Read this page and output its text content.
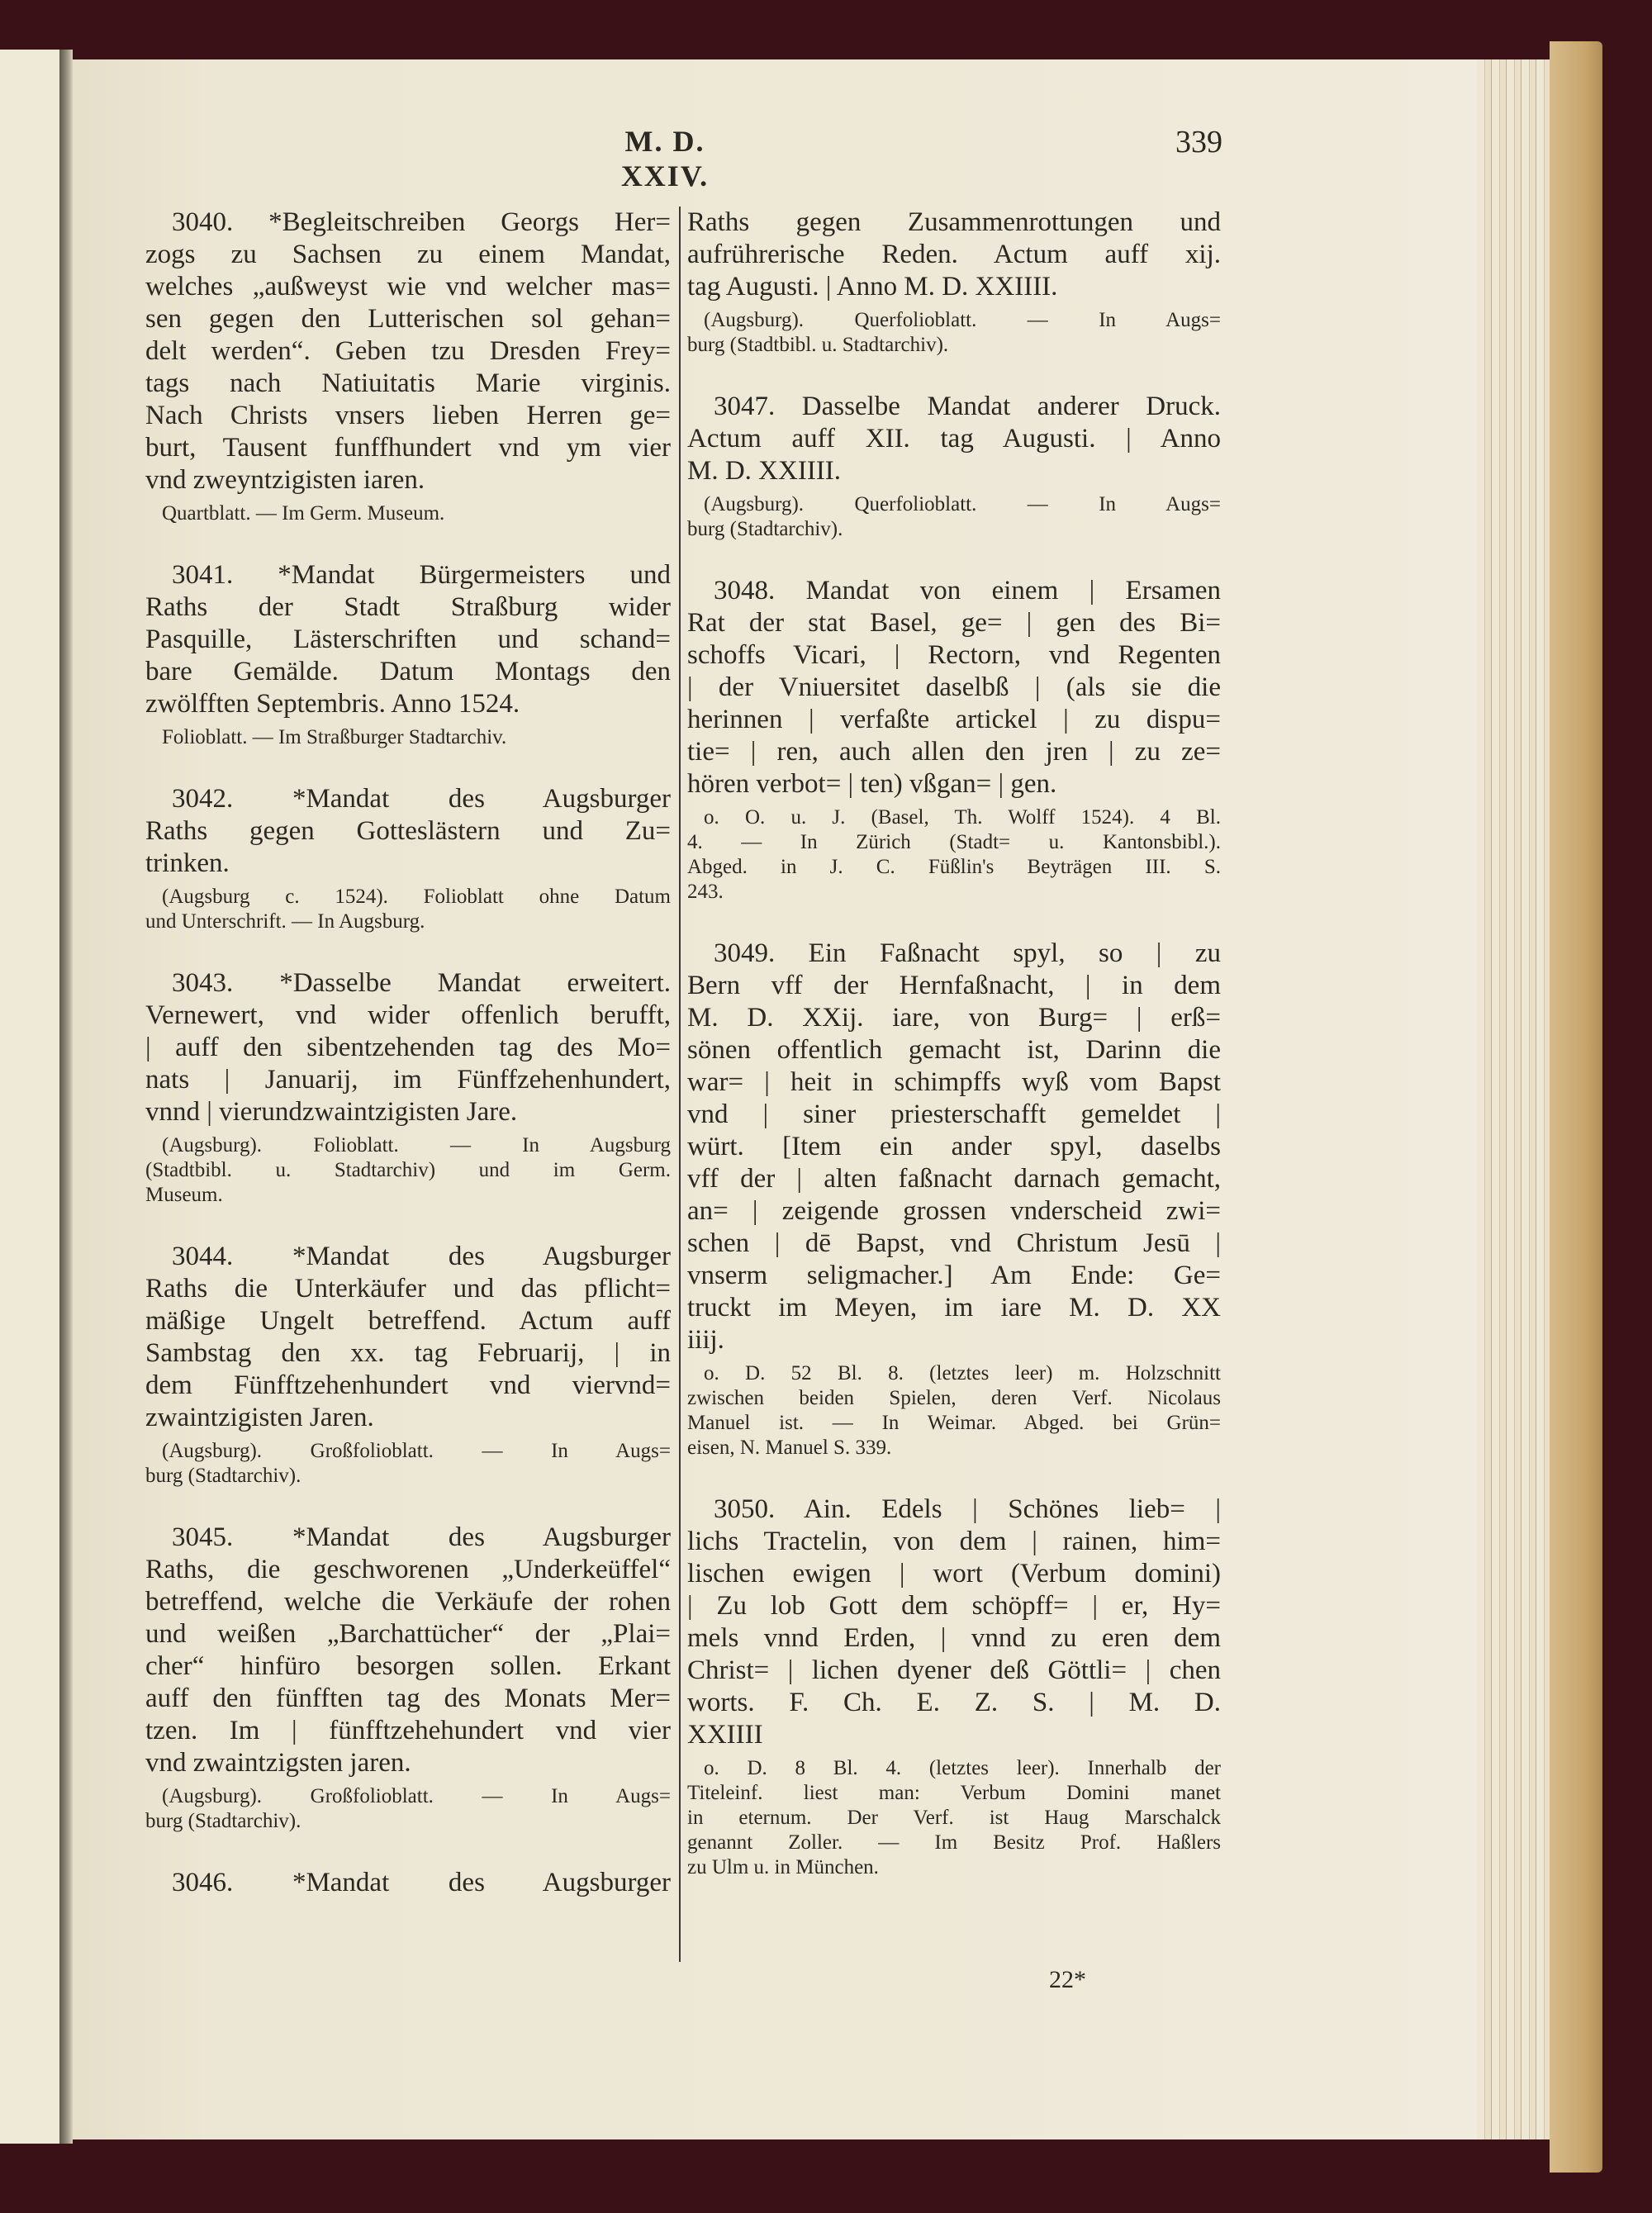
M. D. XXIV.
339
3040. *Begleitschreiben Georgs Her=
zogs zu Sachsen zu einem Mandat,
welches „außweyst wie vnd welcher mas=
sen gegen den Lutterischen sol gehan=
delt werden“. Geben tzu Dresden Frey=
tags nach Natiuitatis Marie virginis.
Nach Christs vnsers lieben Herren ge=
burt, Tausent funffhundert vnd ym vier
vnd zweyntzigisten iaren.
Quartblatt. — Im Germ. Museum.
3041. *Mandat Bürgermeisters und
Raths der Stadt Straßburg wider
Pasquille, Lästerschriften und schand=
bare Gemälde. Datum Montags den
zwölfften Septembris. Anno 1524.
Folioblatt. — Im Straßburger Stadtarchiv.
3042. *Mandat des Augsburger
Raths gegen Gotteslästern und Zu=
trinken.
(Augsburg c. 1524). Folioblatt ohne Datum
und Unterschrift. — In Augsburg.
3043. *Dasselbe Mandat erweitert.
Vernewert, vnd wider offenlich berufft,
| auff den sibentzehenden tag des Mo=
nats | Januarij, im Fünffzehenhundert,
vnnd | vierundzwaintzigisten Jare.
(Augsburg). Folioblatt. — In Augsburg
(Stadtbibl. u. Stadtarchiv) und im Germ.
Museum.
3044. *Mandat des Augsburger
Raths die Unterkäufer und das pflicht=
mäßige Ungelt betreffend. Actum auff
Sambstag den xx. tag Februarij, | in
dem Fünfftzehenhundert vnd viervnd=
zwaintzigisten Jaren.
(Augsburg). Großfolioblatt. — In Augs=
burg (Stadtarchiv).
3045. *Mandat des Augsburger
Raths, die geschworenen „Underkeüffel“
betreffend, welche die Verkäufe der rohen
und weißen „Barchattücher“ der „Plai=
cher“ hinfüro besorgen sollen. Erkant
auff den fünfften tag des Monats Mer=
tzen. Im | fünfftzehehundert vnd vier
vnd zwaintzigsten jaren.
(Augsburg). Großfolioblatt. — In Augs=
burg (Stadtarchiv).
3046. *Mandat des Augsburger
Raths gegen Zusammenrottungen und
aufrührerische Reden. Actum auff xij.
tag Augusti. | Anno M. D. XXIIII.
(Augsburg). Querfolioblatt. — In Augs=
burg (Stadtbibl. u. Stadtarchiv).
3047. Dasselbe Mandat anderer Druck.
Actum auff XII. tag Augusti. | Anno
M. D. XXIIII.
(Augsburg). Querfolioblatt. — In Augs=
burg (Stadtarchiv).
3048. Mandat von einem | Ersamen
Rat der stat Basel, ge= | gen des Bi=
schoffs Vicari, | Rectorn, vnd Regenten
| der Vniuersitet daselbß | (als sie die
herinnen | verfaßte artickel | zu dispu=
tie= | ren, auch allen den jren | zu ze=
hören verbot= | ten) vßgan= | gen.
o. O. u. J. (Basel, Th. Wolff 1524). 4 Bl.
4. — In Zürich (Stadt= u. Kantonsbibl.).
Abged. in J. C. Füßlin's Beyträgen III. S.
243.
3049. Ein Faßnacht spyl, so | zu
Bern vff der Hernfaßnacht, | in dem
M. D. XXij. iare, von Burg= | erß=
sönen offentlich gemacht ist, Darinn die
war= | heit in schimpffs wyß vom Bapst
vnd | siner priesterschafft gemeldet |
würt. [Item ein ander spyl, daselbs
vff der | alten faßnacht darnach gemacht,
an= | zeigende grossen vnderscheid zwi=
schen | dē Bapst, vnd Christum Jesū |
vnserm seligmacher.] Am Ende: Ge=
truckt im Meyen, im iare M. D. XX
iiij.
o. D. 52 Bl. 8. (letztes leer) m. Holzschnitt
zwischen beiden Spielen, deren Verf. Nicolaus
Manuel ist. — In Weimar. Abged. bei Grün=
eisen, N. Manuel S. 339.
3050. Ain. Edels | Schönes lieb= |
lichs Tractelin, von dem | rainen, him=
lischen ewigen | wort (Verbum domini)
| Zu lob Gott dem schöpff= | er, Hy=
mels vnnd Erden, | vnnd zu eren dem
Christ= | lichen dyener deß Göttli= | chen
worts. F. Ch. E. Z. S. | M. D.
XXIIII
o. D. 8 Bl. 4. (letztes leer). Innerhalb der
Titeleinf. liest man: Verbum Domini manet
in eternum. Der Verf. ist Haug Marschalck
genannt Zoller. — Im Besitz Prof. Haßlers
zu Ulm u. in München.
22*
